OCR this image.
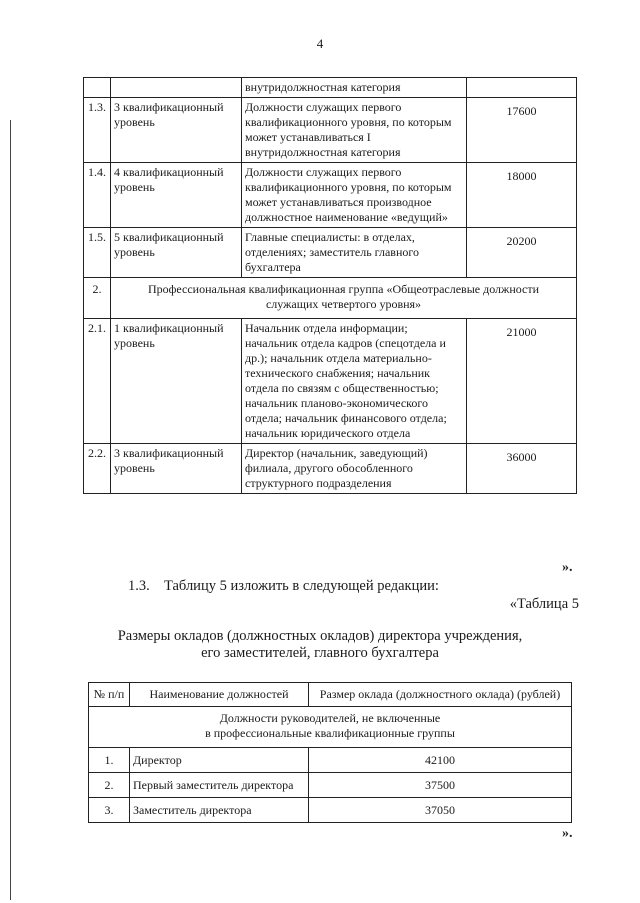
4
		внутридолжностная категория	
1.3.	3 квалификационный уровень	Должности служащих первого квалификационного уровня, по которым может устанавливаться I внутридолжностная категория	17600
1.4.	4 квалификационный уровень	Должности служащих первого квалификационного уровня, по которым может устанавливаться производное должностное наименование «ведущий»	18000
1.5.	5 квалификационный уровень	Главные специалисты: в отделах, отделениях; заместитель главного бухгалтера	20200
2.	Профессиональная квалификационная группа «Общеотраслевые должности служащих четвертого уровня»		
2.1.	1 квалификационный уровень	Начальник отдела информации; начальник отдела кадров (спецотдела и др.); начальник отдела материально-технического снабжения; начальник отдела по связям с общественностью; начальник планово-экономического отдела; начальник финансового отдела; начальник юридического отдела	21000
2.2.	3 квалификационный уровень	Директор (начальник, заведующий) филиала, другого обособленного структурного подразделения	36000
».
1.3. Таблицу 5 изложить в следующей редакции:
«Таблица 5
Размеры окладов (должностных окладов) директора учреждения,
его заместителей, главного бухгалтера
№ п/п	Наименование должностей	Размер оклада (должностного оклада) (рублей)

Должности руководителей, не включенные
в профессиональные квалификационные группы		

1.	Директор	42100
2.	Первый заместитель директора	37500
3.	Заместитель директора	37050
».
